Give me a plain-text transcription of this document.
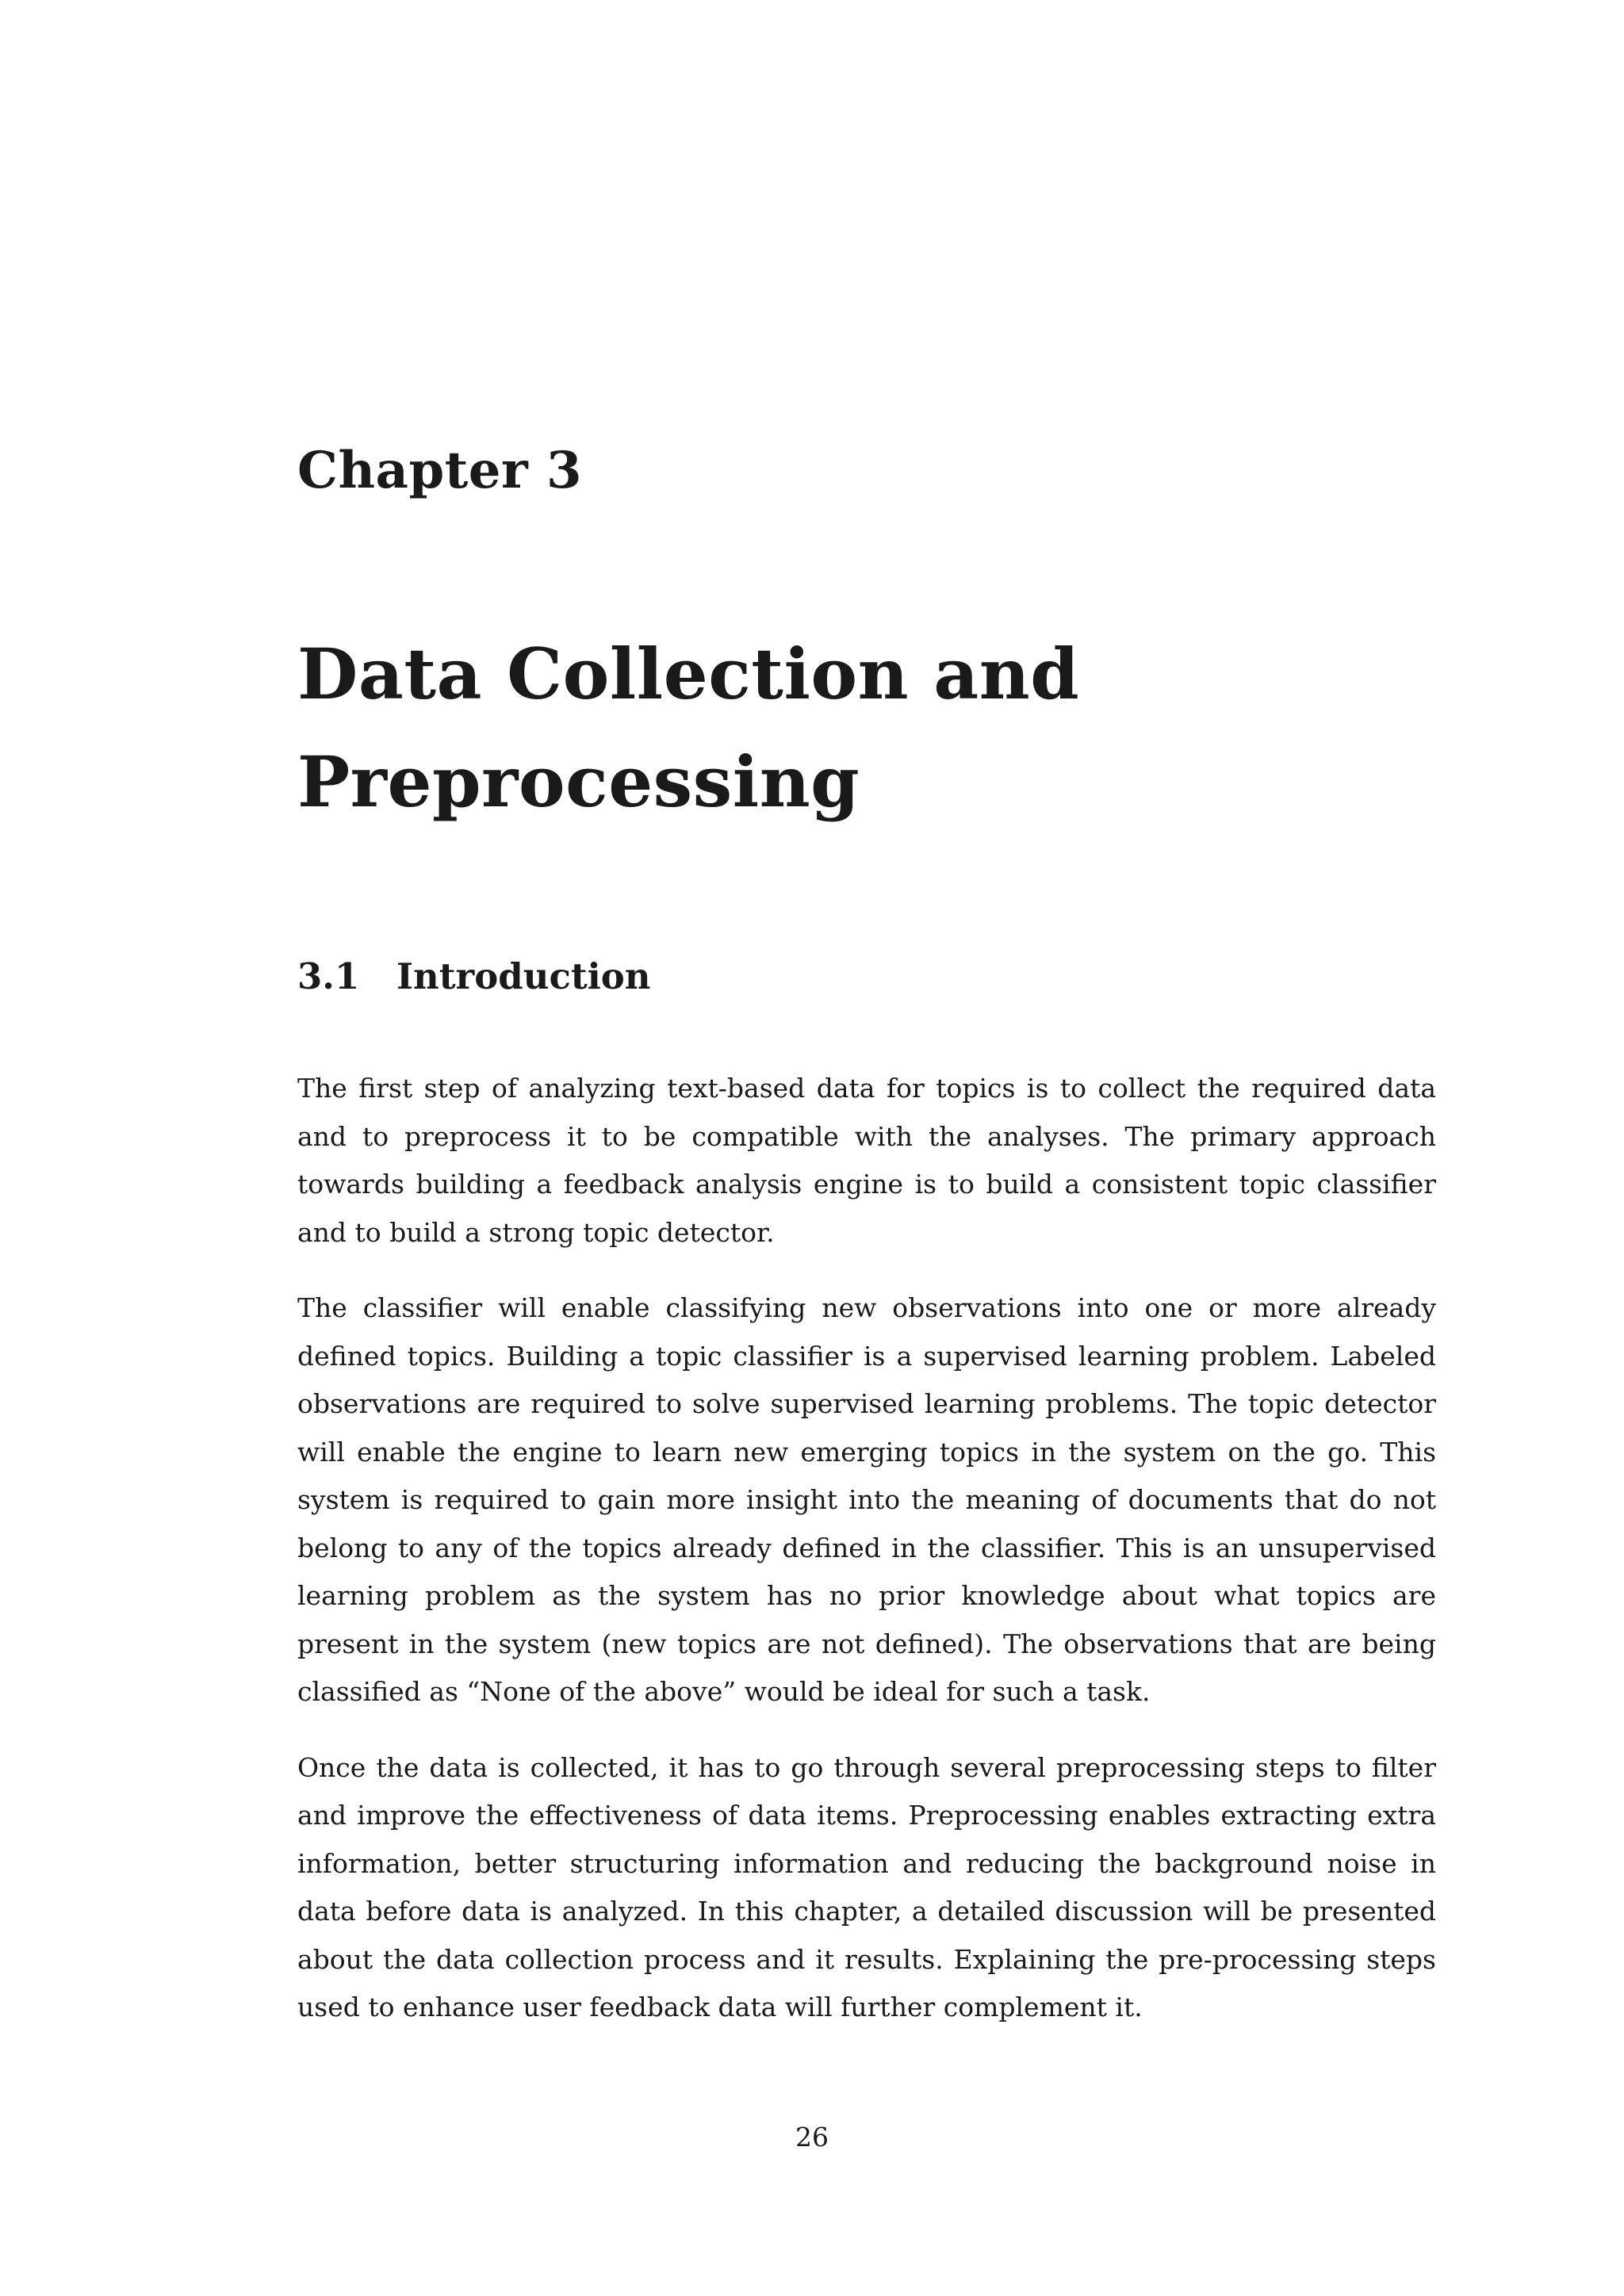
Chapter 3
Data Collection and
Preprocessing
3.1 Introduction

The first step of analyzing text-based data for topics is to collect the required data and to preprocess it to be compatible with the analyses. The primary approach towards building a feedback analysis engine is to build a consistent topic classifier and to build a strong topic detector.

The classifier will enable classifying new observations into one or more already defined topics. Building a topic classifier is a supervised learning problem. Labeled observations are required to solve supervised learning problems. The topic detector will enable the engine to learn new emerging topics in the system on the go. This system is required to gain more insight into the meaning of documents that do not belong to any of the topics already defined in the classifier. This is an unsupervised learning problem as the system has no prior knowledge about what topics are present in the system (new topics are not defined). The observations that are being classified as “None of the above” would be ideal for such a task.

Once the data is collected, it has to go through several preprocessing steps to filter and improve the effectiveness of data items. Preprocessing enables extracting extra information, better structuring information and reducing the background noise in data before data is analyzed. In this chapter, a detailed discussion will be presented about the data collection process and it results. Explaining the pre-processing steps used to enhance user feedback data will further complement it.

26
